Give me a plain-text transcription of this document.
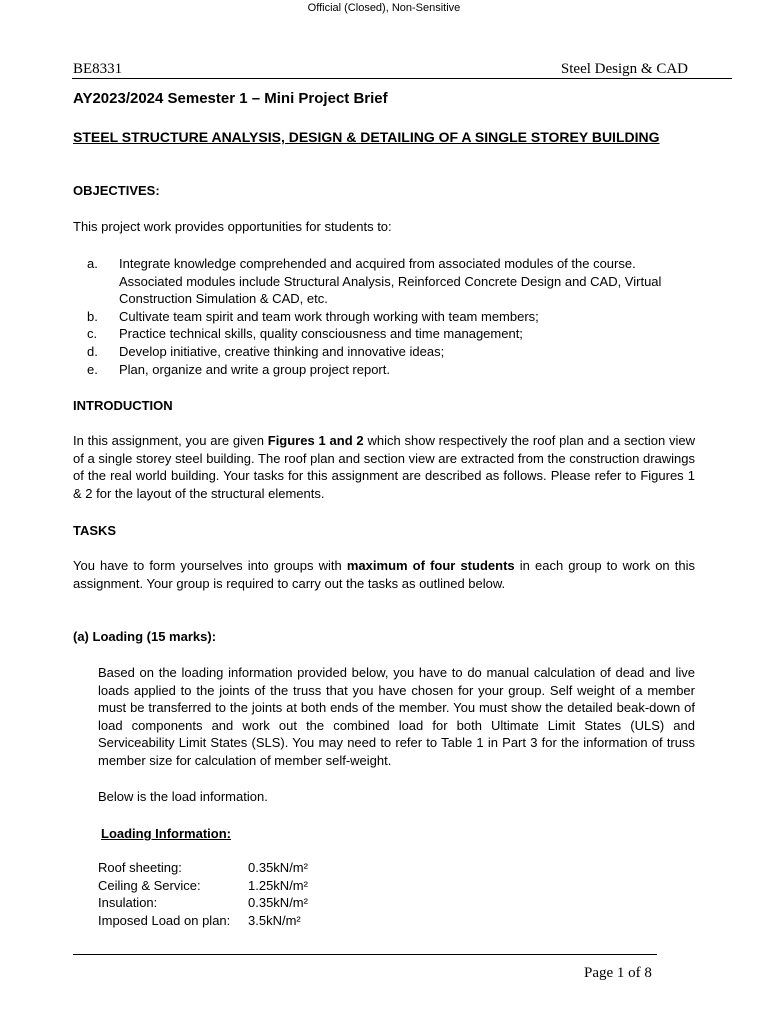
Official (Closed), Non-Sensitive
BE8331	Steel Design & CAD
AY2023/2024 Semester 1 – Mini Project Brief
STEEL STRUCTURE ANALYSIS, DESIGN & DETAILING OF A SINGLE STOREY BUILDING
OBJECTIVES:
This project work provides opportunities for students to:
a. Integrate knowledge comprehended and acquired from associated modules of the course. Associated modules include Structural Analysis, Reinforced Concrete Design and CAD, Virtual Construction Simulation & CAD, etc.
b. Cultivate team spirit and team work through working with team members;
c. Practice technical skills, quality consciousness and time management;
d. Develop initiative, creative thinking and innovative ideas;
e. Plan, organize and write a group project report.
INTRODUCTION
In this assignment, you are given Figures 1 and 2 which show respectively the roof plan and a section view of a single storey steel building. The roof plan and section view are extracted from the construction drawings of the real world building. Your tasks for this assignment are described as follows. Please refer to Figures 1 & 2 for the layout of the structural elements.
TASKS
You have to form yourselves into groups with maximum of four students in each group to work on this assignment. Your group is required to carry out the tasks as outlined below.
(a) Loading (15 marks):
Based on the loading information provided below, you have to do manual calculation of dead and live loads applied to the joints of the truss that you have chosen for your group. Self weight of a member must be transferred to the joints at both ends of the member. You must show the detailed beak-down of load components and work out the combined load for both Ultimate Limit States (ULS) and Serviceability Limit States (SLS). You may need to refer to Table 1 in Part 3 for the information of truss member size for calculation of member self-weight.
Below is the load information.
Loading Information:
Roof sheeting:	0.35kN/m²
Ceiling & Service:	1.25kN/m²
Insulation:	0.35kN/m²
Imposed Load on plan:	3.5kN/m²
Page 1 of 8
